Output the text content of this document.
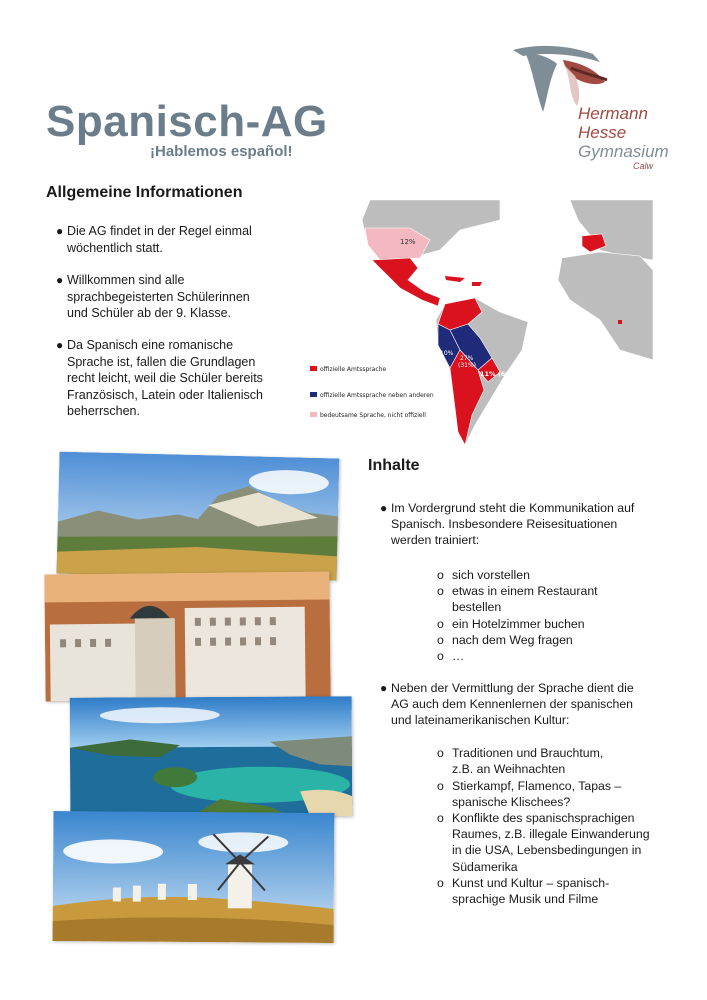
Spanisch-AG
¡Hablemos español!
Hermann
Hesse
Gymnasium
Calw
Allgemeine Informationen
● Die AG findet in der Regel einmal wöchentlich statt.
● Willkommen sind alle sprachbegeisterten Schülerinnen und Schüler ab der 9. Klasse.
● Da Spanisch eine romanische Sprache ist, fallen die Grundlagen recht leicht, weil die Schüler bereits Französisch, Latein oder Italienisch beherrschen.
12%
10%
27%
(31%)
11% (69%)
offizielle Amtssprache
offizielle Amtssprache neben anderen
bedeutsame Sprache, nicht offiziell
Inhalte
● Im Vordergrund steht die Kommunikation auf Spanisch. Insbesondere Reisesituationen werden trainiert:
o sich vorstellen
o etwas in einem Restaurant bestellen
o ein Hotelzimmer buchen
o nach dem Weg fragen
o …
● Neben der Vermittlung der Sprache dient die AG auch dem Kennenlernen der spanischen und lateinamerikanischen Kultur:
o Traditionen und Brauchtum, z.B. an Weihnachten
o Stierkampf, Flamenco, Tapas – spanische Klischees?
o Konflikte des spanischsprachigen Raumes, z.B. illegale Einwanderung in die USA, Lebensbedingungen in Südamerika
o Kunst und Kultur – spanisch-sprachige Musik und Filme
